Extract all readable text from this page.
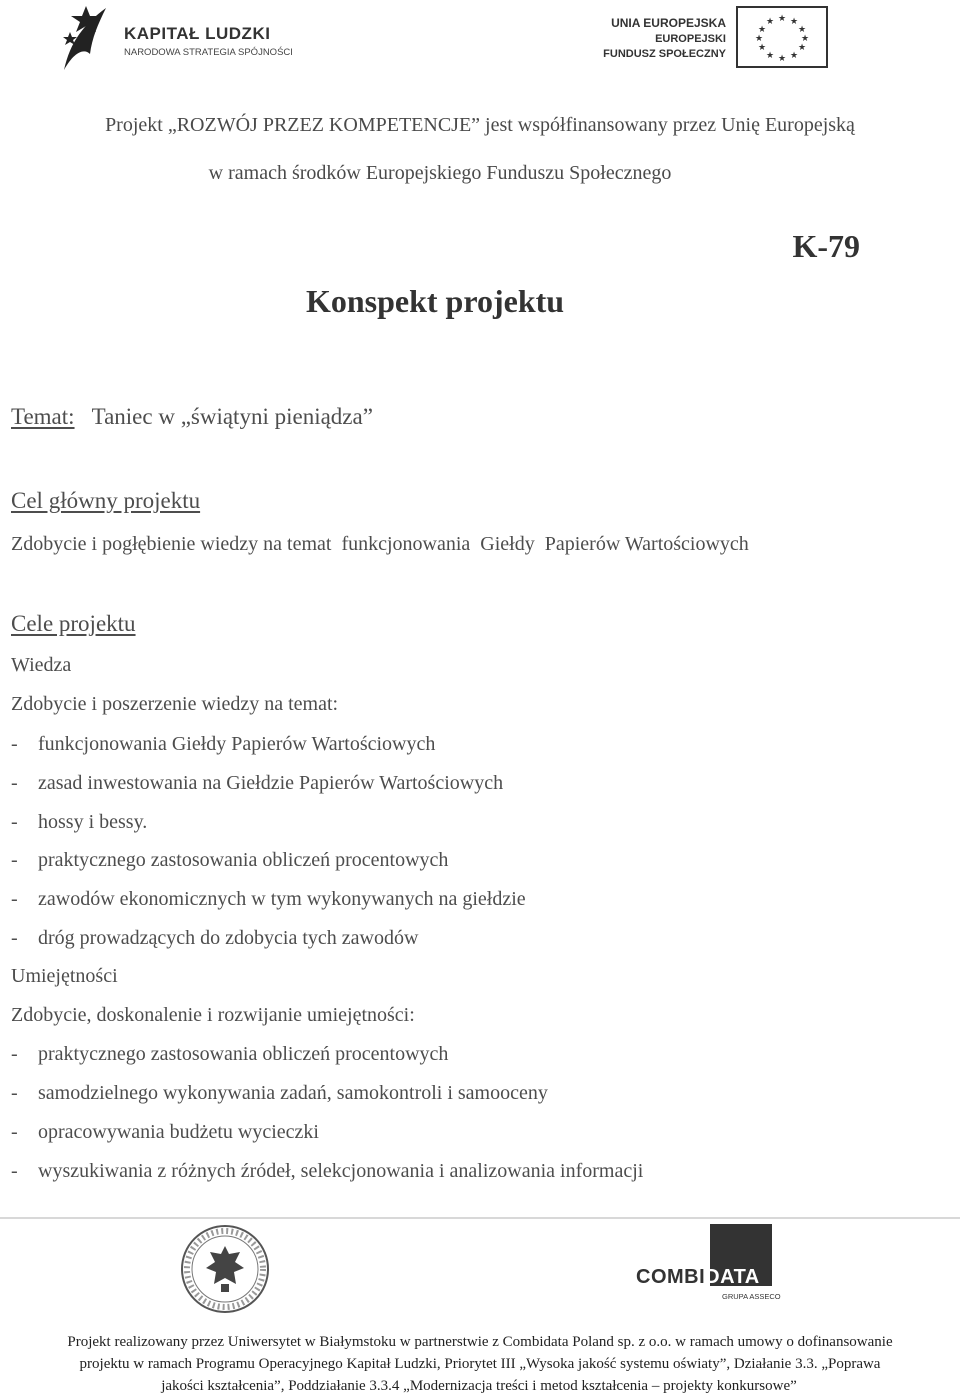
KAPITAŁ LUDZKI
NARODOWA STRATEGIA SPÓJNOŚCI
UNIA EUROPEJSKA
EUROPEJSKI
FUNDUSZ SPOŁECZNY
★ ★
★
★
★
★
★
★
★
★
★
★
Projekt „ROZWÓJ PRZEZ KOMPETENCJE” jest współfinansowany przez Unię Europejską
w ramach środków Europejskiego Funduszu Społecznego
K-79
Konspekt projektu
Temat: Taniec w „świątyni pieniądza”
Cel główny projektu
Zdobycie i pogłębienie wiedzy na temat  funkcjonowania  Giełdy  Papierów Wartościowych
Cele projektu
Wiedza
Zdobycie i poszerzenie wiedzy na temat:
- funkcjonowania Giełdy Papierów Wartościowych
- zasad inwestowania na Giełdzie Papierów Wartościowych
- hossy i bessy.
- praktycznego zastosowania obliczeń procentowych
- zawodów ekonomicznych w tym wykonywanych na giełdzie
- dróg prowadzących do zdobycia tych zawodów
Umiejętności
Zdobycie, doskonalenie i rozwijanie umiejętności:
- praktycznego zastosowania obliczeń procentowych
- samodzielnego wykonywania zadań, samokontroli i samooceny
- opracowywania budżetu wycieczki
- wyszukiwania z różnych źródeł, selekcjonowania i analizowania informacji
COMBIDATA
GRUPA ASSECO
Projekt realizowany przez Uniwersytet w Białymstoku w partnerstwie z Combidata Poland sp. z o.o. w ramach umowy o dofinansowanie
projektu w ramach Programu Operacyjnego Kapitał Ludzki, Priorytet III „Wysoka jakość systemu oświaty”, Działanie 3.3. „Poprawa
jakości kształcenia”, Poddziałanie 3.3.4 „Modernizacja treści i metod kształcenia – projekty konkursowe”
